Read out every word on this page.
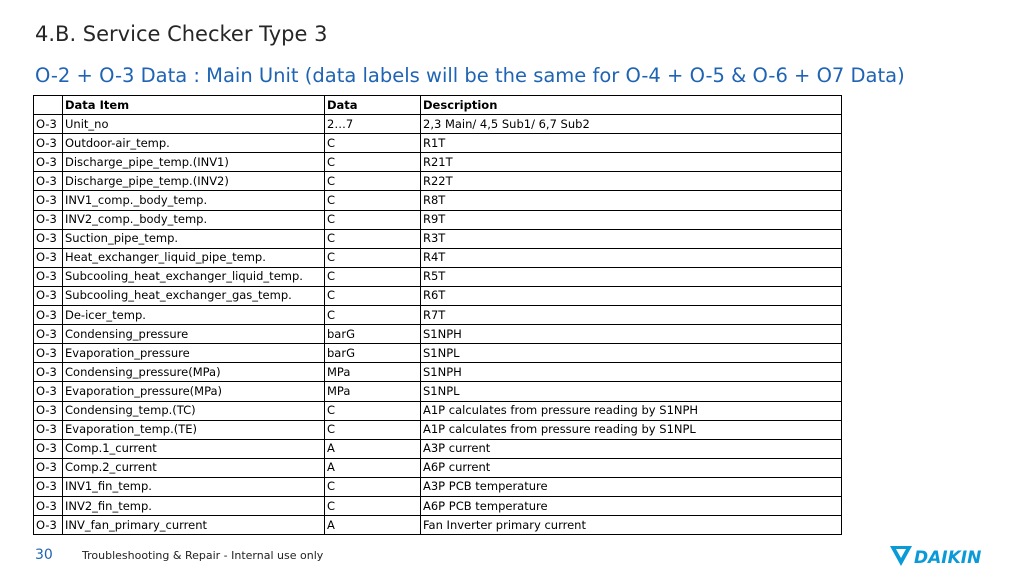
4.B. Service Checker Type 3
O-2 + O-3 Data : Main Unit (data labels will be the same for O-4 + O-5 & O-6 + O7 Data)
	Data Item	Data	Description
O-3	Unit_no	2…7	2,3 Main/ 4,5 Sub1/ 6,7 Sub2
O-3	Outdoor-air_temp.	C	R1T
O-3	Discharge_pipe_temp.(INV1)	C	R21T
O-3	Discharge_pipe_temp.(INV2)	C	R22T
O-3	INV1_comp._body_temp.	C	R8T
O-3	INV2_comp._body_temp.	C	R9T
O-3	Suction_pipe_temp.	C	R3T
O-3	Heat_exchanger_liquid_pipe_temp.	C	R4T
O-3	Subcooling_heat_exchanger_liquid_temp.	C	R5T
O-3	Subcooling_heat_exchanger_gas_temp.	C	R6T
O-3	De-icer_temp.	C	R7T
O-3	Condensing_pressure	barG	S1NPH
O-3	Evaporation_pressure	barG	S1NPL
O-3	Condensing_pressure(MPa)	MPa	S1NPH
O-3	Evaporation_pressure(MPa)	MPa	S1NPL
O-3	Condensing_temp.(TC)	C	A1P calculates from pressure reading by S1NPH
O-3	Evaporation_temp.(TE)	C	A1P calculates from pressure reading by S1NPL
O-3	Comp.1_current	A	A3P current
O-3	Comp.2_current	A	A6P current
O-3	INV1_fin_temp.	C	A3P PCB temperature
O-3	INV2_fin_temp.	C	A6P PCB temperature
O-3	INV_fan_primary_current	A	Fan Inverter primary current
30	Troubleshooting & Repair - Internal use only	DAIKIN
